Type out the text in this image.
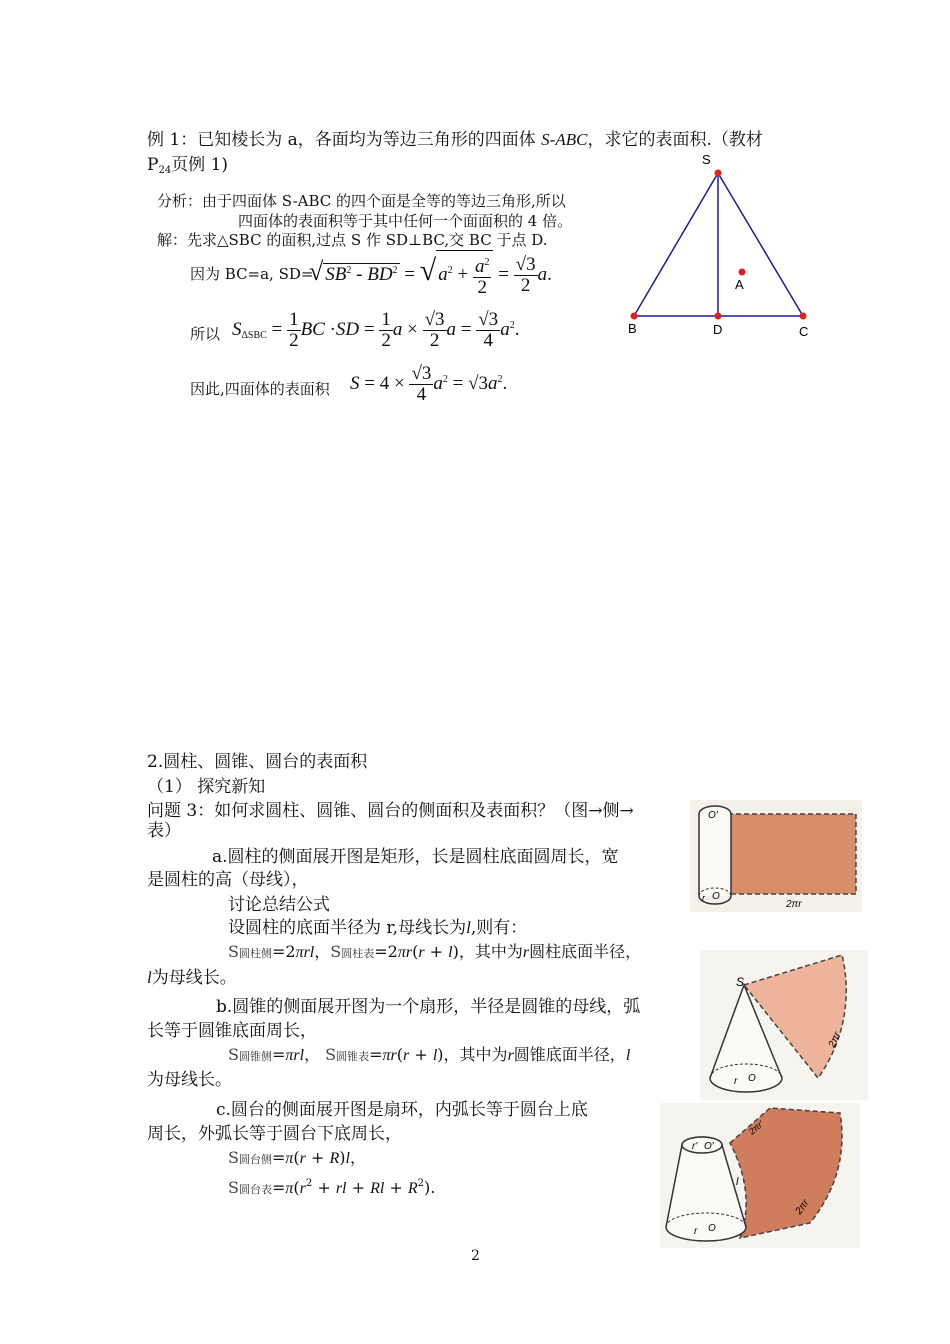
例 1：已知棱长为 a，各面均为等边三角形的四面体 S-ABC，求它的表面积.（教材
$P_{24}$页例 1)
分析：由于四面体 S-ABC 的四个面是全等的等边三角形,所以
四面体的表面积等于其中任何一个面面积的 4 倍。
解：先求△SBC 的面积,过点 S 作 SD⊥BC,交 BC 于点 D.
因为 BC=a, SD=
√ $SB^2 - BD^2$ = √ $a^2 + \frac{a^2}{2} = \frac{√3}{2} a$.
所以 $S_{\Delta SBC} = \frac{1}{2}$ BC $\cdot SD = \frac{1}{2}$ $a \times \frac{√3}{2}$ $a = \frac{√3}{4} a^2$.
因此,四面体的表面积 $S = 4 \times \frac{√3}{4} a^2 = √3a^2$.
S
A
B	D	C
2.圆柱、圆锥、圆台的表面积
（1） 探究新知
问题 3：如何求圆柱、圆锥、圆台的侧面积及表面积？（图→侧→
表）
a.圆柱的侧面展开图是矩形，长是圆柱底面圆周长，宽
是圆柱的高（母线），
讨论总结公式
设圆柱的底面半径为 r,母线长为l,则有：
S圆柱侧=2πrl，S圆柱表=2πr(r + l)，其中为r圆柱底面半径，
l为母线长。
b.圆锥的侧面展开图为一个扇形，半径是圆锥的母线，弧
长等于圆锥底面周长，
S圆锥侧=πrl， S圆锥表=πr(r + l)，其中为r圆锥底面半径，l
为母线长。
c.圆台的侧面展开图是扇环，内弧长等于圆台上底
周长，外弧长等于圆台下底周长，
S圆台侧=π(r + R)l，
S圆台表$=\pi(r^2$ + rl + $Rl + R^2$).
O'
O
r
2πr
S
2πr
r O
r' O'
r O
l
2πr'
2πr
2
